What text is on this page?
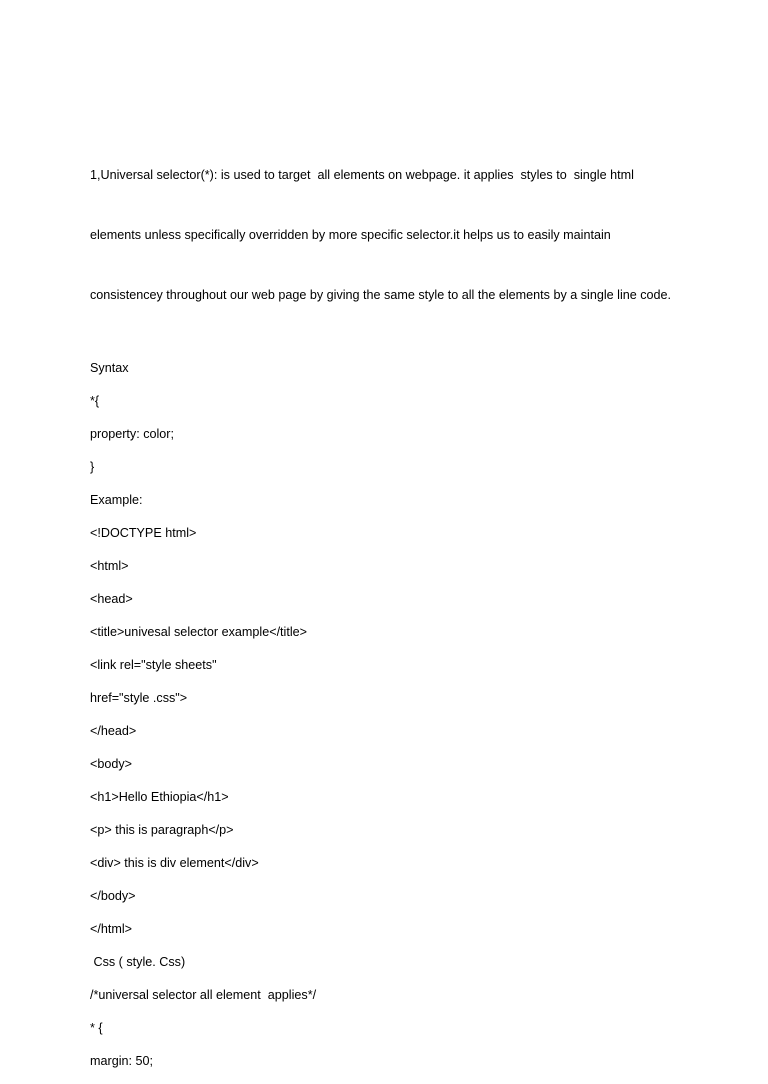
1,Universal selector(*): is used to target  all elements on webpage. it applies  styles to  single html

elements unless specifically overridden by more specific selector.it helps us to easily maintain

consistencey throughout our web page by giving the same style to all the elements by a single line code.

Syntax
*{
property: color;
}
Example:
<!DOCTYPE html>
<html>
<head>
<title>univesal selector example</title>
<link rel="style sheets"
href="style .css">
</head>
<body>
<h1>Hello Ethiopia</h1>
<p> this is paragraph</p>
<div> this is div element</div>
</body>
</html>
Css ( style. Css)
/*universal selector all element  applies*/
* {
margin: 50;
